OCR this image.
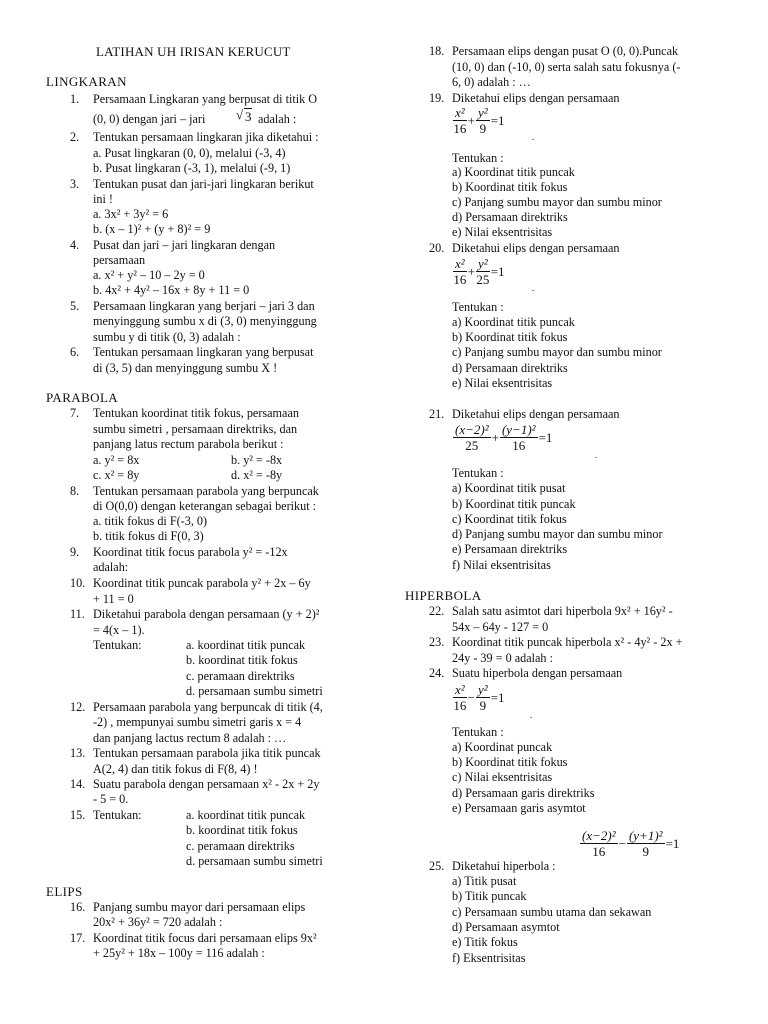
LATIHAN UH IRISAN KERUCUT
LINGKARAN
1. Persamaan Lingkaran yang berpusat di titik O
(0, 0) dengan jari – jari √ 3 adalah :
2. Tentukan persamaan lingkaran jika diketahui :
a. Pusat lingkaran (0, 0), melalui (-3, 4)
b. Pusat lingkaran (-3, 1), melalui (-9, 1)
3. Tentukan pusat dan jari-jari lingkaran berikut
ini !
a. 3x² + 3y² = 6
b. (x – 1)² + (y + 8)² = 9
4. Pusat dan jari – jari lingkaran dengan
persamaan
a. x² + y² – 10 – 2y = 0
b. 4x² + 4y² – 16x + 8y + 11 = 0
5. Persamaan lingkaran yang berjari – jari 3 dan
menyinggung sumbu x di (3, 0) menyinggung
sumbu y di titik (0, 3) adalah :
6. Tentukan persamaan lingkaran yang berpusat
di (3, 5) dan menyinggung sumbu X !
PARABOLA
7. Tentukan koordinat titik fokus, persamaan
sumbu simetri , persamaan direktriks, dan
panjang latus rectum parabola berikut :
a. y² = 8x	b. y² = -8x
c. x² = 8y	d. x² = -8y
8. Tentukan persamaan parabola yang berpuncak
di O(0,0) dengan keterangan sebagai berikut :
a. titik fokus di F(-3, 0)
b. titik fokus di F(0, 3)
9. Koordinat titik focus parabola y² = -12x
adalah:
10. Koordinat titik puncak parabola y² + 2x – 6y
+ 11 = 0
11. Diketahui parabola dengan persamaan (y + 2)²
= 4(x – 1).
Tentukan:	a. koordinat titik puncak
b. koordinat titik fokus
c. peramaan direktriks
d. persamaan sumbu simetri
12. Persamaan parabola yang berpuncak di titik (4,
-2) , mempunyai sumbu simetri garis x = 4
dan panjang lactus rectum 8 adalah : …
13. Tentukan persamaan parabola jika titik puncak
A(2, 4) dan titik fokus di F(8, 4) !
14. Suatu parabola dengan persamaan x² - 2x + 2y
- 5 = 0.
15. Tentukan:	a. koordinat titik puncak
b. koordinat titik fokus
c. peramaan direktriks
d. persamaan sumbu simetri
ELIPS
16. Panjang sumbu mayor dari persamaan elips
20x² + 36y² = 720 adalah :
17. Koordinat titik focus dari persamaan elips 9x²
+ 25y² + 18x – 100y = 116 adalah :
18. Persamaan elips dengan pusat O (0, 0).Puncak
(10, 0) dan (-10, 0) serta salah satu fokusnya (-
6, 0) adalah : …
19. Diketahui elips dengan persamaan
$\frac{\text{x²}}{16} + \frac{\text{y²}}{9} =1$
.
Tentukan :
a) Koordinat titik puncak
b) Koordinat titik fokus
c) Panjang sumbu mayor dan sumbu minor
d) Persamaan direktriks
e) Nilai eksentrisitas
20. Diketahui elips dengan persamaan
$\frac{\text{x²}}{16} + \frac{\text{y²}}{25} =1$
.
Tentukan :
a) Koordinat titik puncak
b) Koordinat titik fokus
c) Panjang sumbu mayor dan sumbu minor
d) Persamaan direktriks
e) Nilai eksentrisitas
21. Diketahui elips dengan persamaan
$\frac{\text{(x−2)²}}{25} + \frac{\text{(y−1)²}}{16} =1$
.
Tentukan :
a) Koordinat titik pusat
b) Koordinat titik puncak
c) Koordinat titik fokus
d) Panjang sumbu mayor dan sumbu minor
e) Persamaan direktriks
f) Nilai eksentrisitas
HIPERBOLA
22. Salah satu asimtot dari hiperbola 9x² + 16y² -
54x – 64y - 127 = 0
23. Koordinat titik puncak hiperbola x² - 4y² - 2x +
24y - 39 = 0 adalah :
24. Suatu hiperbola dengan persamaan
$\frac{\text{x²}}{16} - \frac{\text{y²}}{9} =1$
.
Tentukan :
a) Koordinat puncak
b) Koordinat titik fokus
c) Nilai eksentrisitas
d) Persamaan garis direktriks
e) Persamaan garis asymtot
$\frac{\text{(x−2)²}}{16} - \frac{\text{(y+1)²}}{9} =1$
25. Diketahui hiperbola :
a) Titik pusat
b) Titik puncak
c) Persamaan sumbu utama dan sekawan
d) Persamaan asymtot
e) Titik fokus
f) Eksentrisitas
